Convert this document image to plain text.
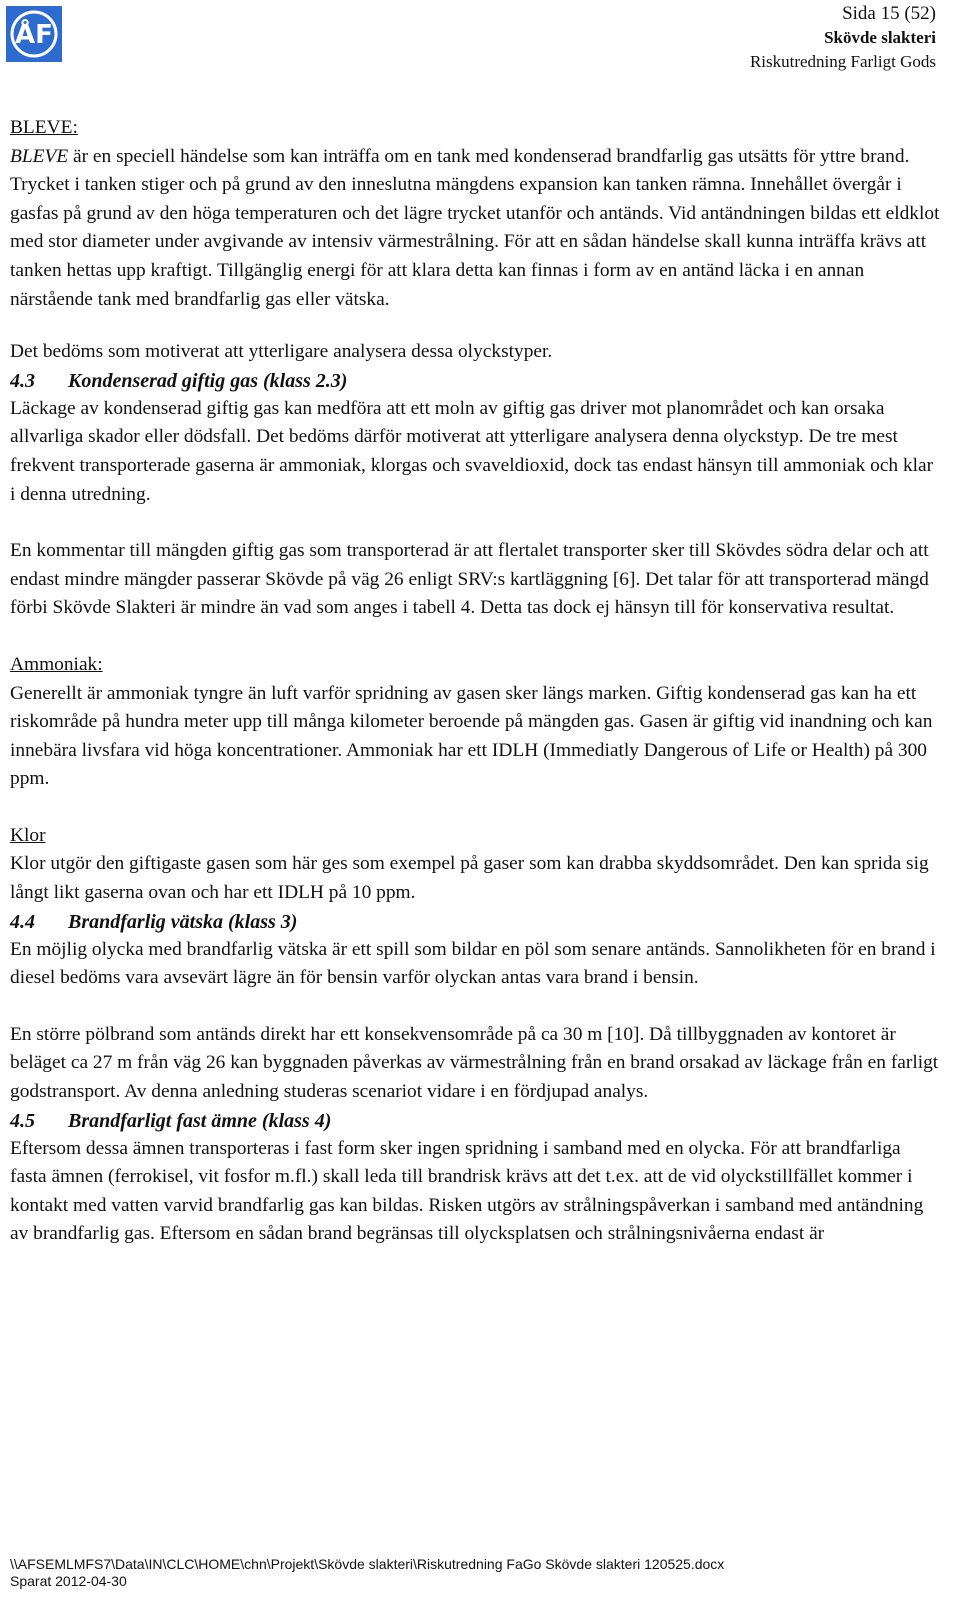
ÅF
Sida 15 (52)
Skövde slakteri
Riskutredning Farligt Gods

BLEVE:

BLEVE är en speciell händelse som kan inträffa om en tank med kondenserad brandfarlig gas utsätts för yttre brand. Trycket i tanken stiger och på grund av den inneslutna mängdens expansion kan tanken rämna. Innehållet övergår i gasfas på grund av den höga temperaturen och det lägre trycket utanför och antänds. Vid antändningen bildas ett eldklot med stor diameter under avgivande av intensiv värmestrålning. För att en sådan händelse skall kunna inträffa krävs att tanken hettas upp kraftigt. Tillgänglig energi för att klara detta kan finnas i form av en antänd läcka i en annan närstående tank med brandfarlig gas eller vätska.

Det bedöms som motiverat att ytterligare analysera dessa olyckstyper.

4.3 Kondenserad giftig gas (klass 2.3)

Läckage av kondenserad giftig gas kan medföra att ett moln av giftig gas driver mot planområdet och kan orsaka allvarliga skador eller dödsfall. Det bedöms därför motiverat att ytterligare analysera denna olyckstyp. De tre mest frekvent transporterade gaserna är ammoniak, klorgas och svaveldioxid, dock tas endast hänsyn till ammoniak och klar i denna utredning.

En kommentar till mängden giftig gas som transporterad är att flertalet transporter sker till Skövdes södra delar och att endast mindre mängder passerar Skövde på väg 26 enligt SRV:s kartläggning [6]. Det talar för att transporterad mängd förbi Skövde Slakteri är mindre än vad som anges i tabell 4. Detta tas dock ej hänsyn till för konservativa resultat.

Ammoniak:

Generellt är ammoniak tyngre än luft varför spridning av gasen sker längs marken. Giftig kondenserad gas kan ha ett riskområde på hundra meter upp till många kilometer beroende på mängden gas. Gasen är giftig vid inandning och kan innebära livsfara vid höga koncentrationer. Ammoniak har ett IDLH (Immediatly Dangerous of Life or Health) på 300 ppm.

Klor

Klor utgör den giftigaste gasen som här ges som exempel på gaser som kan drabba skyddsområdet. Den kan sprida sig långt likt gaserna ovan och har ett IDLH på 10 ppm.

4.4 Brandfarlig vätska (klass 3)

En möjlig olycka med brandfarlig vätska är ett spill som bildar en pöl som senare antänds. Sannolikheten för en brand i diesel bedöms vara avsevärt lägre än för bensin varför olyckan antas vara brand i bensin.

En större pölbrand som antänds direkt har ett konsekvensområde på ca 30 m [10]. Då tillbyggnaden av kontoret är beläget ca 27 m från väg 26 kan byggnaden påverkas av värmestrålning från en brand orsakad av läckage från en farligt godstransport. Av denna anledning studeras scenariot vidare i en fördjupad analys.

4.5 Brandfarligt fast ämne (klass 4)

Eftersom dessa ämnen transporteras i fast form sker ingen spridning i samband med en olycka. För att brandfarliga fasta ämnen (ferrokisel, vit fosfor m.fl.) skall leda till brandrisk krävs att det t.ex. att de vid olyckstillfället kommer i kontakt med vatten varvid brandfarlig gas kan bildas. Risken utgörs av strålningspåverkan i samband med antändning av brandfarlig gas. Eftersom en sådan brand begränsas till olycksplatsen och strålningsnivåerna endast är

\\AFSEMLMFS7\Data\IN\CLC\HOME\chn\Projekt\Skövde slakteri\Riskutredning FaGo Skövde slakteri 120525.docx
Sparat 2012-04-30
